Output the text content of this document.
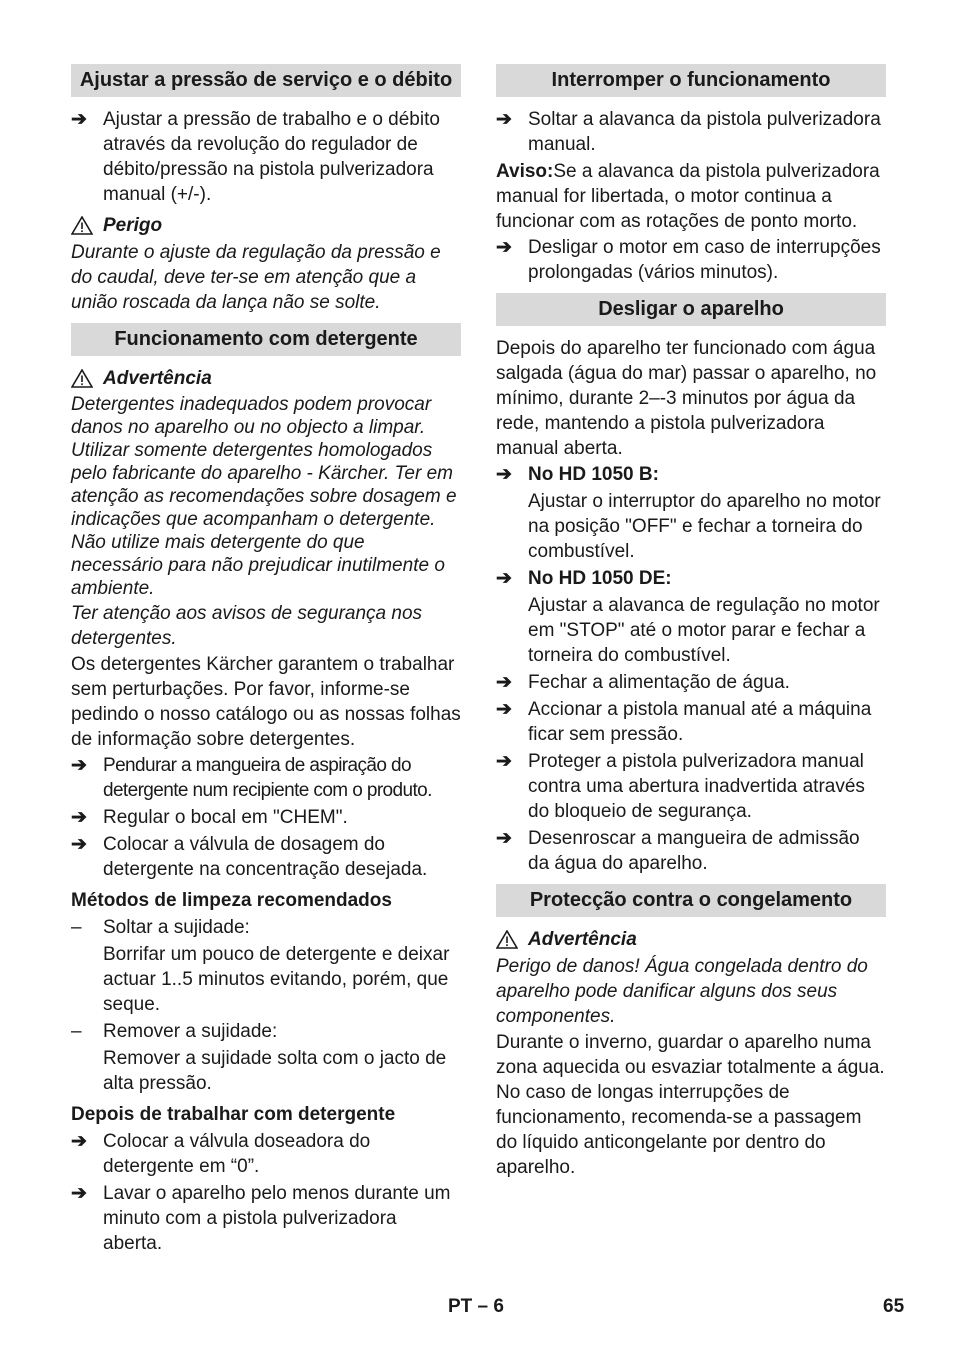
Ajustar a pressão de serviço e o débito
➔ Ajustar a pressão de trabalho e o débito através da revolução do regulador de débito/pressão na pistola pulverizadora manual (+/-).
Perigo

Durante o ajuste da regulação da pressão e do caudal, deve ter-se em atenção que a união roscada da lança não se solte.

Funcionamento com detergente
Advertência

Detergentes inadequados podem provocar danos no aparelho ou no objecto a limpar. Utilizar somente detergentes homologados pelo fabricante do aparelho - Kärcher. Ter em atenção as recomendações sobre dosagem e indicações que acompanham o detergente. Não utilize mais detergente do que necessário para não prejudicar inutilmente o ambiente.

Ter atenção aos avisos de segurança nos detergentes.

Os detergentes Kärcher garantem o trabalhar sem perturbações. Por favor, informe-se pedindo o nosso catálogo ou as nossas folhas de informação sobre detergentes.

➔ Pendurar a mangueira de aspiração do detergente num recipiente com o produto.
➔ Regular o bocal em "CHEM".
➔ Colocar a válvula de dosagem do detergente na concentração desejada.
Métodos de limpeza recomendados
– Soltar a sujidade:
Borrifar um pouco de detergente e deixar actuar 1..5 minutos evitando, porém, que seque.
– Remover a sujidade:
Remover a sujidade solta com o jacto de alta pressão.
Depois de trabalhar com detergente
➔ Colocar a válvula doseadora do detergente em “0”.
➔ Lavar o aparelho pelo menos durante um minuto com a pistola pulverizadora aberta.
Interromper o funcionamento
➔ Soltar a alavanca da pistola pulverizadora manual.

Aviso:Se a alavanca da pistola pulverizadora manual for libertada, o motor continua a funcionar com as rotações de ponto morto.

➔ Desligar o motor em caso de interrupções prolongadas (vários minutos).
Desligar o aparelho

Depois do aparelho ter funcionado com água salgada (água do mar) passar o aparelho, no mínimo, durante 2–-3 minutos por água da rede, mantendo a pistola pulverizadora manual aberta.

➔ No HD 1050 B:
Ajustar o interruptor do aparelho no motor na posição "OFF" e fechar a torneira do combustível.
➔ No HD 1050 DE:
Ajustar a alavanca de regulação no motor em "STOP" até o motor parar e fechar a torneira do combustível.
➔ Fechar a alimentação de água.
➔ Accionar a pistola manual até a máquina ficar sem pressão.
➔ Proteger a pistola pulverizadora manual contra uma abertura inadvertida através do bloqueio de segurança.
➔ Desenroscar a mangueira de admissão da água do aparelho.
Protecção contra o congelamento
Advertência

Perigo de danos! Água congelada dentro do aparelho pode danificar alguns dos seus componentes.

Durante o inverno, guardar o aparelho numa zona aquecida ou esvaziar totalmente a água. No caso de longas interrupções de funcionamento, recomenda-se a passagem do líquido anticongelante por dentro do aparelho.

PT – 6	65
